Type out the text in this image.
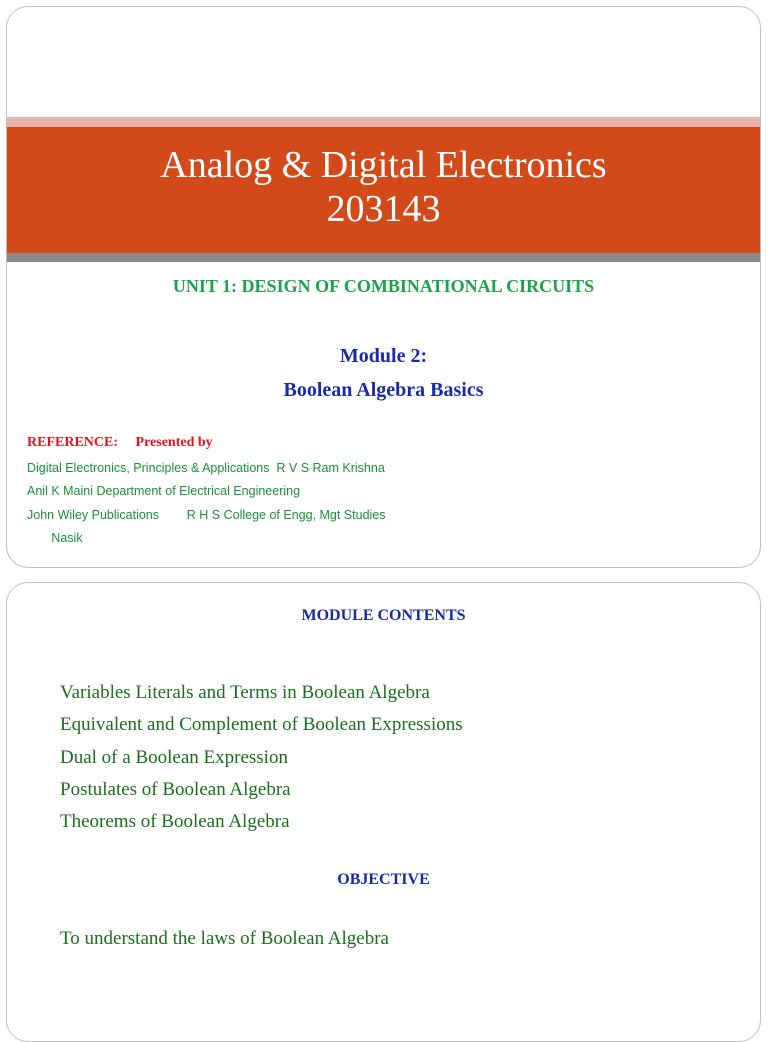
Analog & Digital Electronics
203143
UNIT 1: DESIGN OF COMBINATIONAL CIRCUITS
Module 2:
Boolean Algebra Basics
REFERENCE: Presented by
Digital Electronics, Principles & Applications  R V S Ram Krishna
Anil K Maini Department of Electrical Engineering
John Wiley Publications        R H S College of Engg, Mgt Studies
Nasik
MODULE CONTENTS
Variables Literals and Terms in Boolean Algebra
Equivalent and Complement of Boolean Expressions
Dual of a Boolean Expression
Postulates of Boolean Algebra
Theorems of Boolean Algebra
OBJECTIVE
To understand the laws of Boolean Algebra
